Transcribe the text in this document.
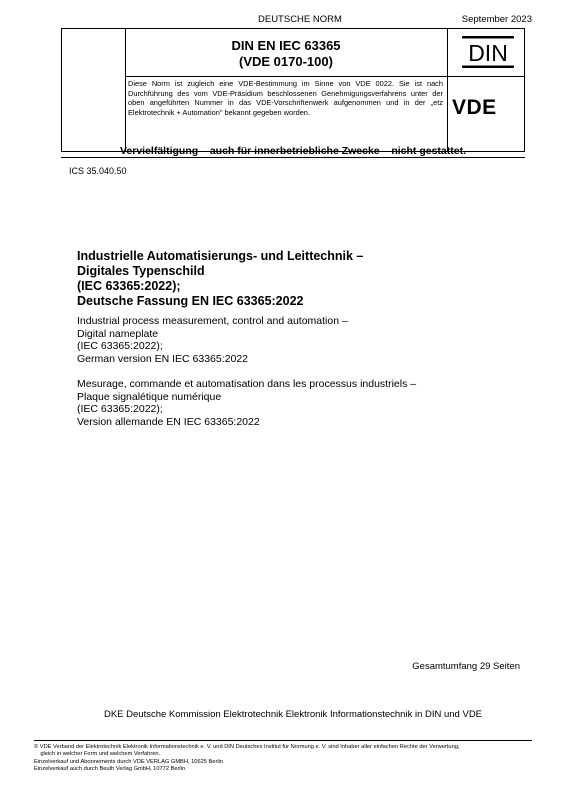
DEUTSCHE NORM	September 2023
DIN EN IEC 63365
(VDE 0170-100)
Diese Norm ist zugleich eine VDE-Bestimmung im Sinne von VDE 0022. Sie ist nach Durchführung des vom VDE-Präsidium beschlossenen Genehmigungsverfahrens unter der oben angeführten Nummer in das VDE-Vorschriftenwerk aufgenommen und in der „etz Elektrotechnik + Automation" bekannt gegeben worden.
DIN
VDE
Vervielfältigung – auch für innerbetriebliche Zwecke – nicht gestattet.
ICS 35.040.50
Industrielle Automatisierungs- und Leittechnik –
Digitales Typenschild
(IEC 63365:2022);
Deutsche Fassung EN IEC 63365:2022
Industrial process measurement, control and automation –
Digital nameplate
(IEC 63365:2022);
German version EN IEC 63365:2022
Mesurage, commande et automatisation dans les processus industriels –
Plaque signalétique numérique
(IEC 63365:2022);
Version allemande EN IEC 63365:2022
Gesamtumfang 29 Seiten
DKE Deutsche Kommission Elektrotechnik Elektronik Informationstechnik in DIN und VDE
© VDE Verband der Elektrotechnik Elektronik Informationstechnik e. V. und DIN Deutsches Institut für Normung e. V. sind Inhaber aller einfachen Rechte der Verwertung,
gleich in welcher Form und welchem Verfahren.
Einzelverkauf und Abonnements durch VDE VERLAG GMBH, 10625 Berlin
Einzelverkauf auch durch Beuth Verlag GmbH, 10772 Berlin
